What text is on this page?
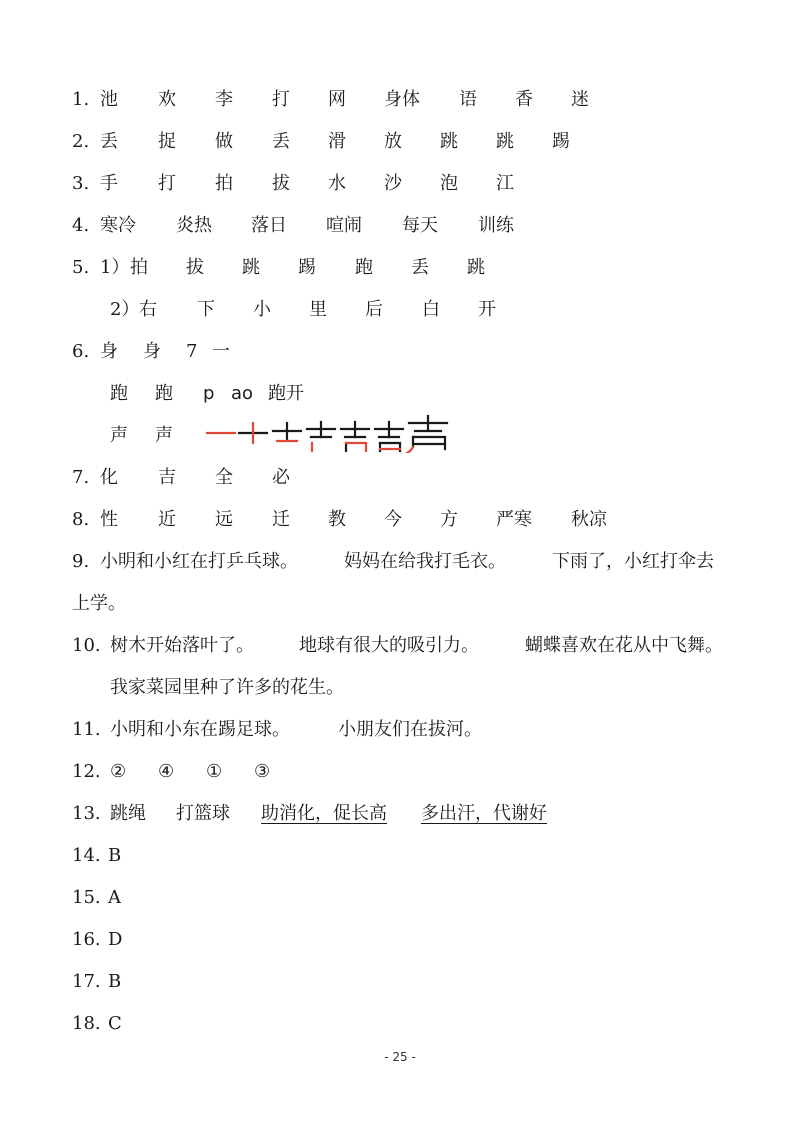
1. 池 欢 李 打 网 身体 语 香 迷
2. 丢 捉 做 丢 滑 放 跳 跳 踢
3. 手 打 拍 拔 水 沙 泡 江
4. 寒冷 炎热 落日 喧闹 每天 训练
5. 1） 拍 拔 跳 踢 跑 丢 跳
2） 右 下 小 里 后 白 开
6. 身 身 7 一
跑 跑 p ao 跑开
声 声
7. 化 吉 全 必
8. 性 近 远 迁 教 今 方 严寒 秋凉
9. 小明和小红在打乒乓球。	妈妈在给我打毛衣。	下雨了，小红打伞去
上学。
10. 树木开始落叶了。	地球有很大的吸引力。	蝴蝶喜欢在花从中飞舞。
我家菜园里种了许多的花生。
11. 小明和小东在踢足球。	小朋友们在拔河。
12. ② ④ ① ③
13. 跳绳 打篮球 助消化，促长高 多出汗，代谢好
14. B
15. A
16. D
17. B
18. C
- 25 -
